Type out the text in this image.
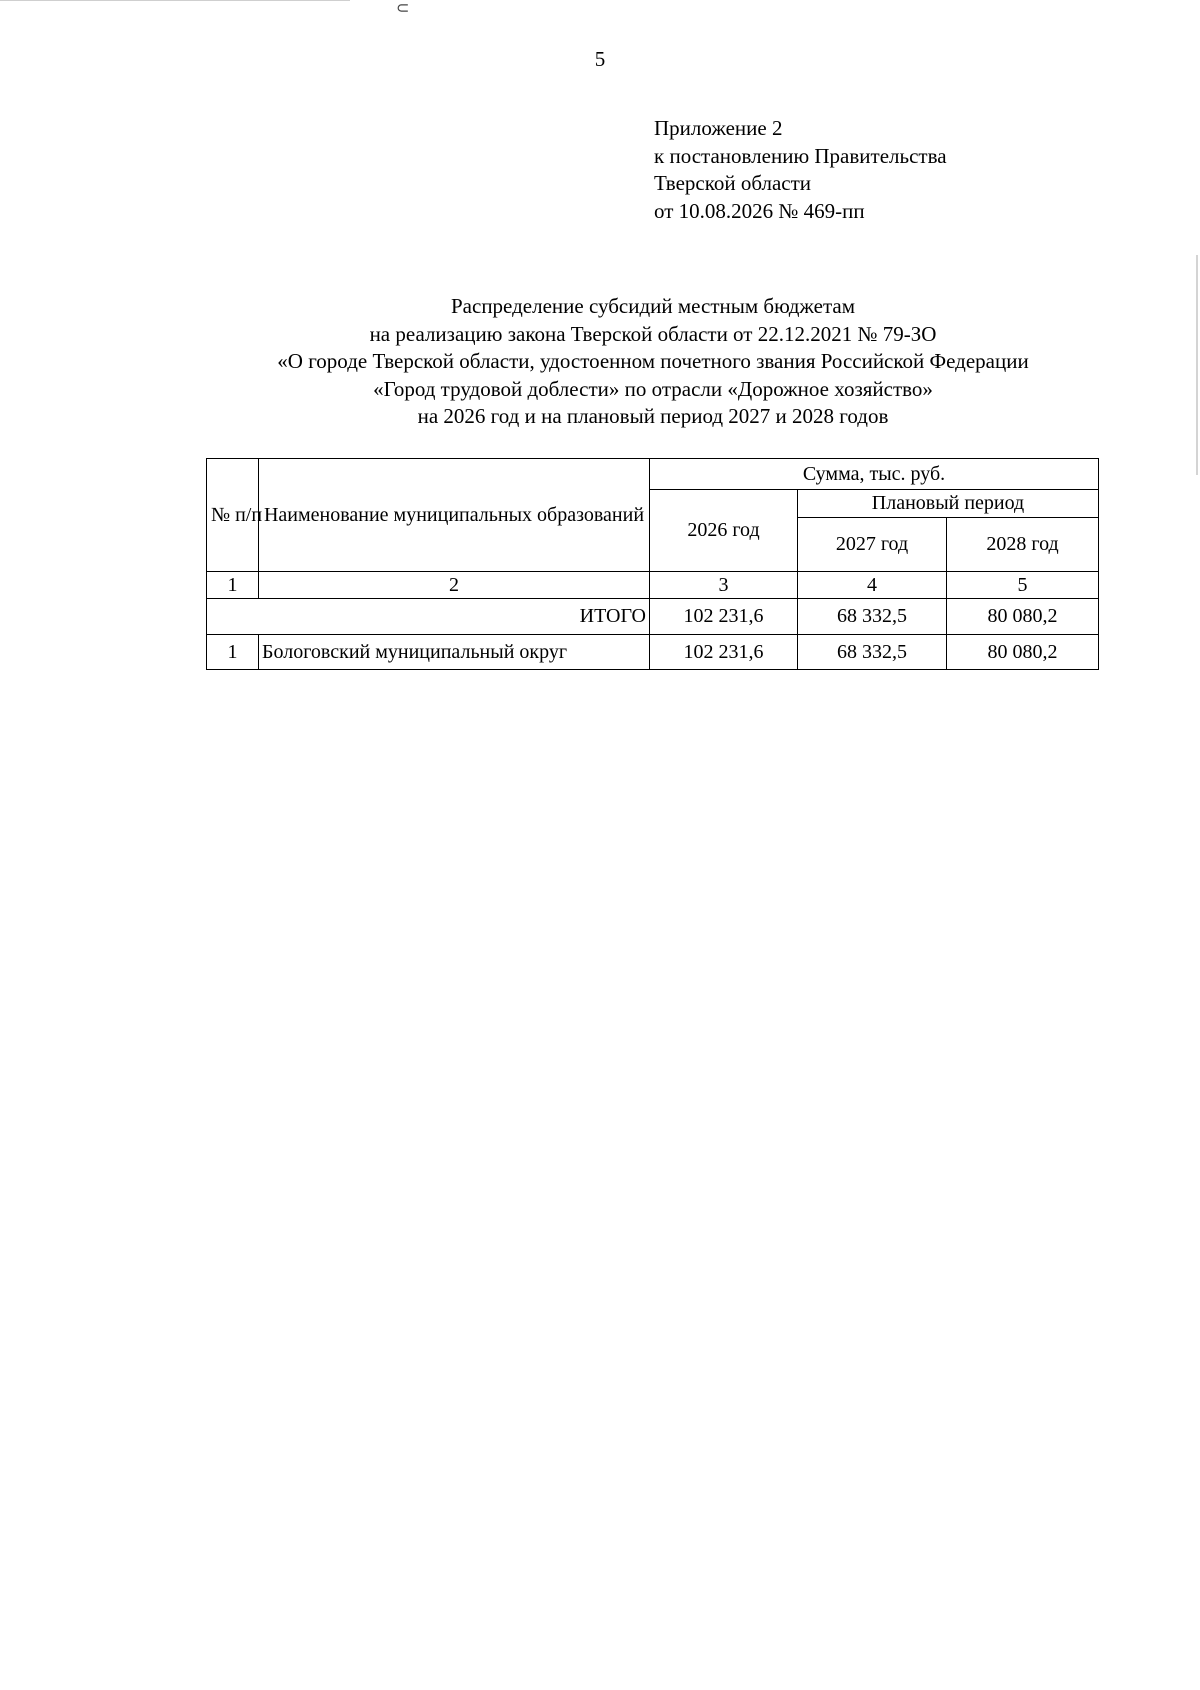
⊂
5
Приложение 2
к постановлению Правительства
Тверской области
от 10.08.2026 № 469-пп
Распределение субсидий местным бюджетам
на реализацию закона Тверской области от 22.12.2021 № 79-ЗО
«О городе Тверской области, удостоенном почетного звания Российской Федерации
«Город трудовой доблести» по отрасли «Дорожное хозяйство»
на 2026 год и на плановый период 2027 и 2028 годов
№ п/п	Наименование муниципальных образований	Сумма, тыс. руб.		
		2026 год	Плановый период	
			2027 год	2028 год
1	2	3	4	5
ИТОГО		102 231,6	68 332,5	80 080,2
1	Бологовский муниципальный округ	102 231,6	68 332,5	80 080,2
